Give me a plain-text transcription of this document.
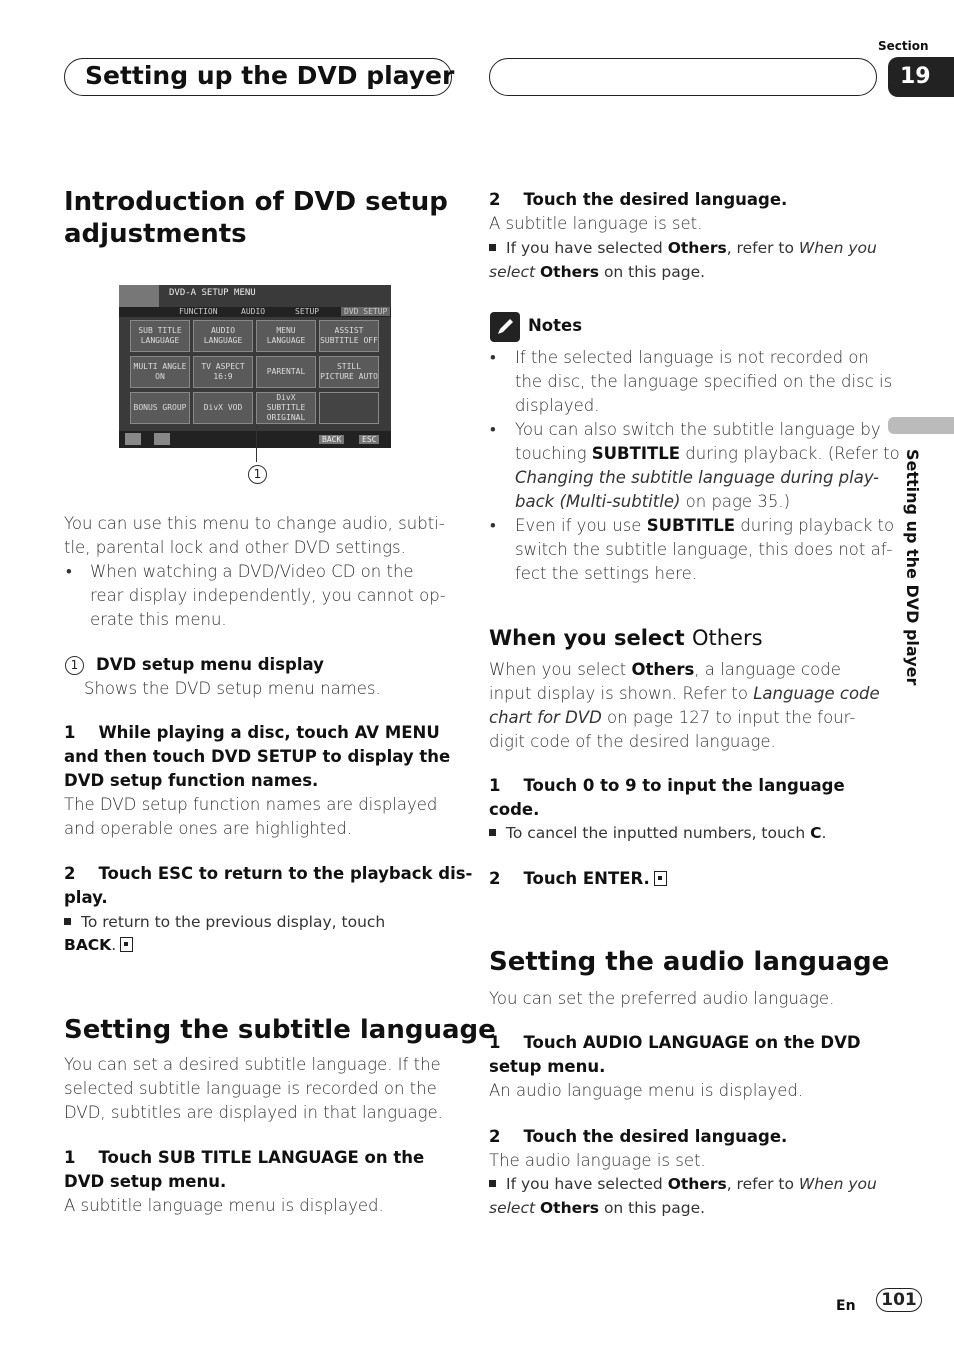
Setting up the DVD player
Section
19
Setting up the DVD player
Introduction of DVD setup adjustments
DVD-A SETUP MENU
FUNCTION	AUDIO	SETUP	DVD SETUP
SUB TITLE LANGUAGE
AUDIO LANGUAGE
MENU LANGUAGE
ASSIST SUBTITLE OFF
MULTI ANGLE ON
TV ASPECT 16:9
PARENTAL
STILL PICTURE AUTO
BONUS GROUP	DivX VOD
DivX SUBTITLE ORIGINAL
BACK	ESC
1
You can use this menu to change audio, subti-
tle, parental lock and other DVD settings.
• When watching a DVD/Video CD on the
rear display independently, you cannot op-
erate this menu.
1	DVD setup menu display
Shows the DVD setup menu names.
1    While playing a disc, touch AV MENU
and then touch DVD SETUP to display the
DVD setup function names.
The DVD setup function names are displayed
and operable ones are highlighted.
2    Touch ESC to return to the playback dis-
play.
To return to the previous display, touch
BACK.
Setting the subtitle language
You can set a desired subtitle language. If the
selected subtitle language is recorded on the
DVD, subtitles are displayed in that language.
1    Touch SUB TITLE LANGUAGE on the
DVD setup menu.
A subtitle language menu is displayed.
2    Touch the desired language.
A subtitle language is set.
If you have selected Others, refer to When you
select Others on this page.
Notes
• If the selected language is not recorded on
the disc, the language specified on the disc is
displayed.
• You can also switch the subtitle language by
touching SUBTITLE during playback. (Refer to
Changing the subtitle language during play-
back (Multi-subtitle) on page 35.)
• Even if you use SUBTITLE during playback to
switch the subtitle language, this does not af-
fect the settings here.
When you select Others
When you select Others, a language code
input display is shown. Refer to Language code
chart for DVD on page 127 to input the four-
digit code of the desired language.
1    Touch 0 to 9 to input the language
code.
To cancel the inputted numbers, touch C.
2    Touch ENTER.
Setting the audio language
You can set the preferred audio language.
1    Touch AUDIO LANGUAGE on the DVD
setup menu.
An audio language menu is displayed.
2    Touch the desired language.
The audio language is set.
If you have selected Others, refer to When you
select Others on this page.
En	101
